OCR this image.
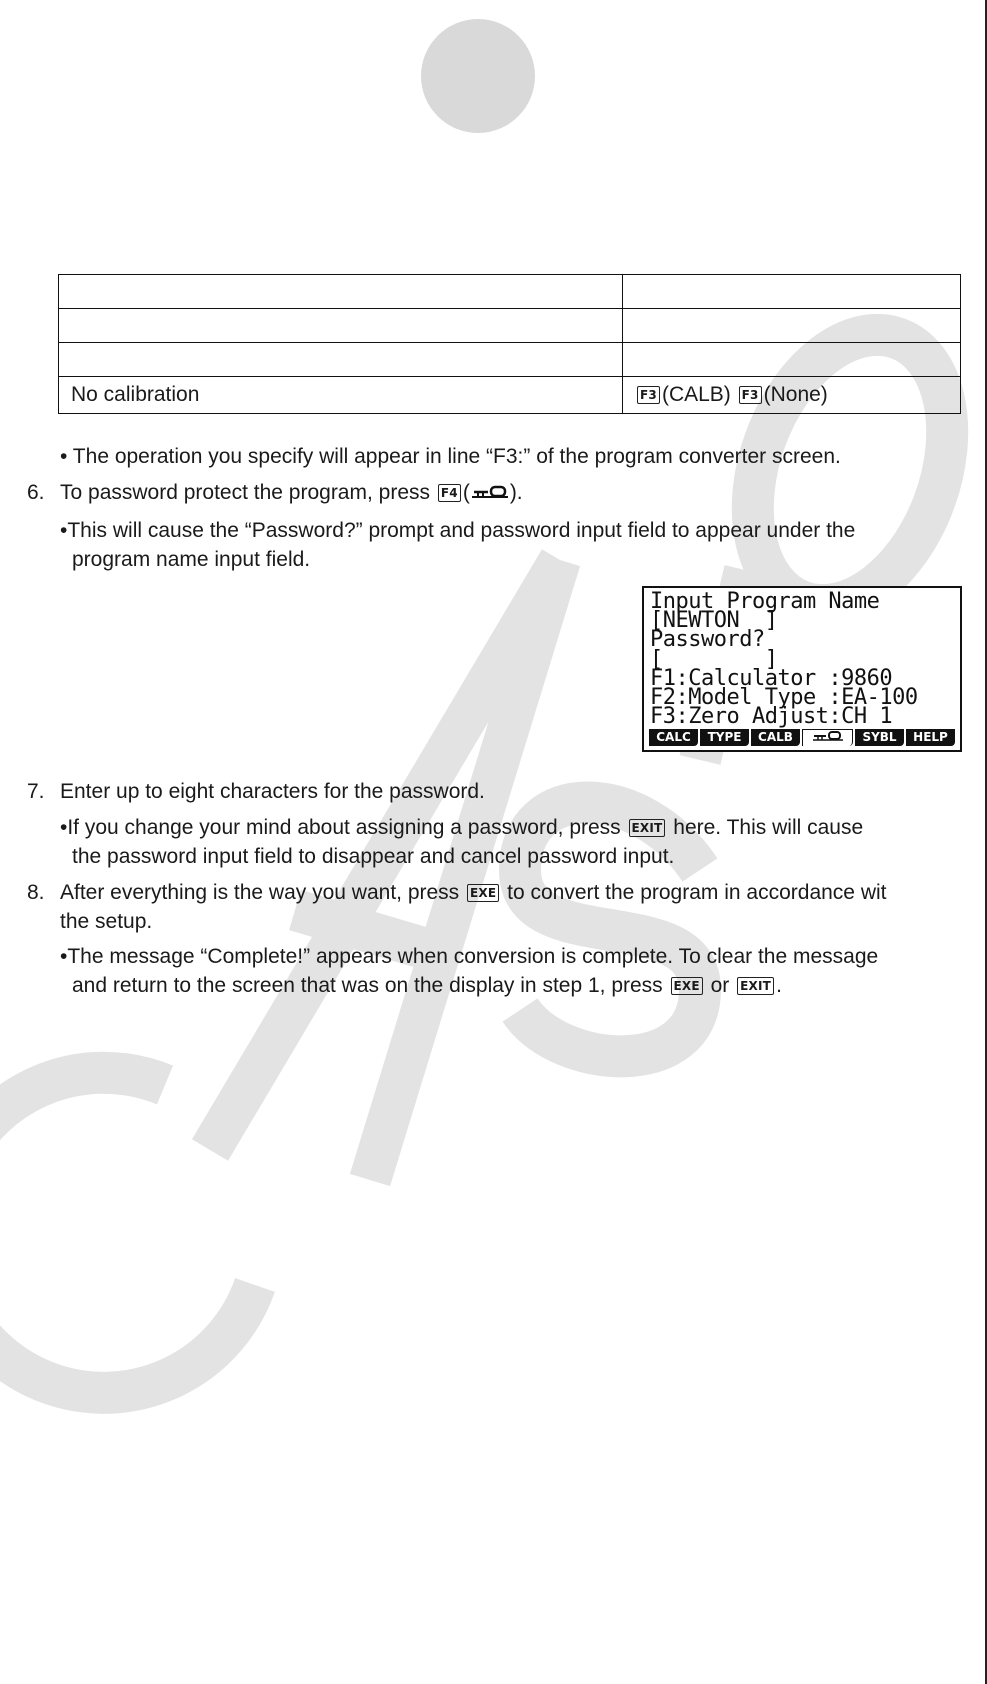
No calibration	F3 (CALB) F3 (None)
• The operation you specify will appear in line “F3:” of the program converter screen.
6. To password protect the program, press F4 ( ).
•This will cause the “Password?” prompt and password input field to appear under the
program name input field.
Input Program Name
[NEWTON  ]
Password?
[        ]
F1:Calculator :9860
F2:Model Type :EA-100
F3:Zero Adjust:CH 1
CALC	TYPE	CALB	SYBL	HELP
7. Enter up to eight characters for the password.
•If you change your mind about assigning a password, press EXIT here. This will cause
the password input field to disappear and cancel password input.
8. After everything is the way you want, press EXE to convert the program in accordance wit
the setup.
•The message “Complete!” appears when conversion is complete. To clear the message
and return to the screen that was on the display in step 1, press EXE or EXIT .
